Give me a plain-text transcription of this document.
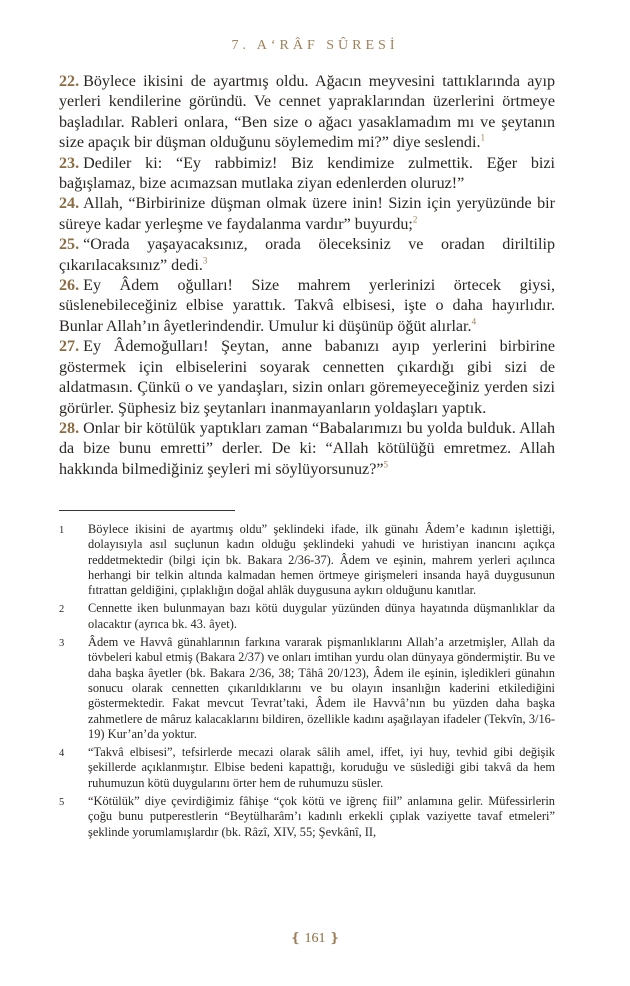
7. A‘RÂF SÛRESİ

22. Böylece ikisini de ayartmış oldu. Ağacın meyvesini tattıklarında ayıp yerleri kendilerine göründü. Ve cennet yapraklarından üzerlerini örtmeye başladılar. Rableri onlara, “Ben size o ağacı yasaklamadım mı ve şeytanın size apaçık bir düşman olduğunu söylemedim mi?” diye seslendi.$^1$

23. Dediler ki: “Ey rabbimiz! Biz kendimize zulmettik. Eğer bizi bağışlamaz, bize acımazsan mutlaka ziyan edenlerden oluruz!”

24. Allah, “Birbirinize düşman olmak üzere inin! Sizin için yeryüzünde bir süreye kadar yerleşme ve faydalanma vardır” buyurdu;$^2$

25. “Orada yaşayacaksınız, orada öleceksiniz ve oradan diriltilip çıkarılacaksınız” dedi.$^3$

26. Ey Âdem oğulları! Size mahrem yerlerinizi örtecek giysi, süslenebileceğiniz elbise yarattık. Takvâ elbisesi, işte o daha hayırlıdır. Bunlar Allah’ın âyetlerindendir. Umulur ki düşünüp öğüt alırlar.$^4$

27. Ey Âdemoğulları! Şeytan, anne babanızı ayıp yerlerini birbirine göstermek için elbiselerini soyarak cennetten çıkardığı gibi sizi de aldatmasın. Çünkü o ve yandaşları, sizin onları göremeyeceğiniz yerden sizi görürler. Şüphesiz biz şeytanları inanmayanların yoldaşları yaptık.

28. Onlar bir kötülük yaptıkları zaman “Babalarımızı bu yolda bulduk. Allah da bize bunu emretti” derler. De ki: “Allah kötülüğü emretmez. Allah hakkında bilmediğiniz şeyleri mi söylüyorsunuz?”$^5$

1	Böylece ikisini de ayartmış oldu” şeklindeki ifade, ilk günahı Âdem’e kadının işlettiği, dolayısıyla asıl suçlunun kadın olduğu şeklindeki yahudi ve hıristiyan inancını açıkça reddetmektedir (bilgi için bk. Bakara 2/36-37). Âdem ve eşinin, mahrem yerleri açılınca herhangi bir telkin altında kalmadan hemen örtmeye girişmeleri insanda hayâ duygusunun fıtrattan geldiğini, çıplaklığın doğal ahlâk duygusuna aykırı olduğunu kanıtlar.
2	Cennette iken bulunmayan bazı kötü duygular yüzünden dünya hayatında düşmanlıklar da olacaktır (ayrıca bk. 43. âyet).
3	Âdem ve Havvâ günahlarının farkına vararak pişmanlıklarını Allah’a arzetmişler, Allah da tövbeleri kabul etmiş (Bakara 2/37) ve onları imtihan yurdu olan dünyaya göndermiştir. Bu ve daha başka âyetler (bk. Bakara 2/36, 38; Tâhâ 20/123), Âdem ile eşinin, işledikleri günahın sonucu olarak cennetten çıkarıldıklarını ve bu olayın insanlığın kaderini etkilediğini göstermektedir. Fakat mevcut Tevrat’taki, Âdem ile Havvâ’nın bu yüzden daha başka zahmetlere de mâruz kalacaklarını bildiren, özellikle kadını aşağılayan ifadeler (Tekvîn, 3/16-19) Kur’an’da yoktur.
4	“Takvâ elbisesi”, tefsirlerde mecazi olarak sâlih amel, iffet, iyi huy, tevhid gibi değişik şekillerde açıklanmıştır. Elbise bedeni kapattığı, koruduğu ve süslediği gibi takvâ da hem ruhumuzun kötü duygularını örter hem de ruhumuzu süsler.
5	“Kötülük” diye çevirdiğimiz fâhişe “çok kötü ve iğrenç fiil” anlamına gelir. Müfessirlerin çoğu bunu putperestlerin “Beytülharâm’ı kadınlı erkekli çıplak vaziyette tavaf etmeleri” şeklinde yorumlamışlardır (bk. Râzî, XIV, 55; Şevkânî, II,
❴ 161 ❵
